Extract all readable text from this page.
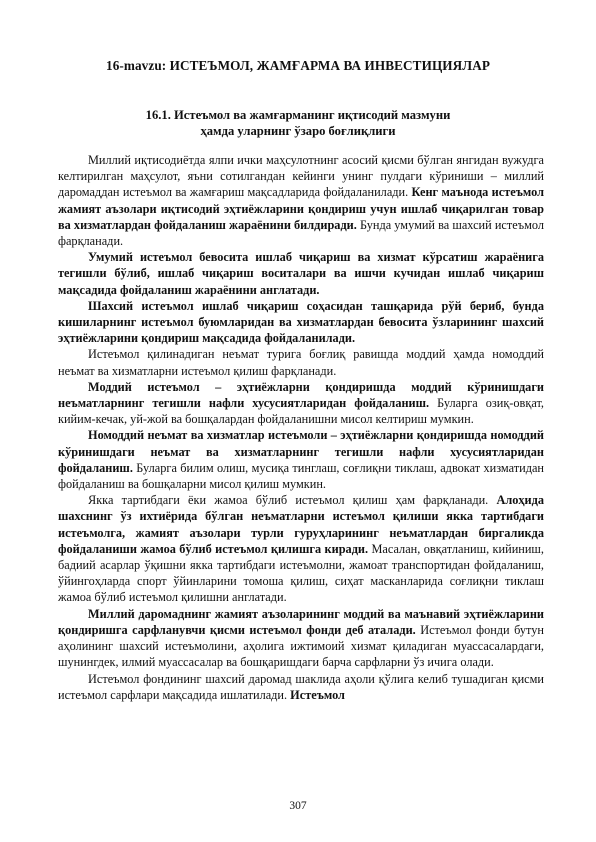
16-mavzu: ИСТЕЪМОЛ, ЖАМҒАРМА ВА ИНВЕСТИЦИЯЛАР
16.1. Истеъмол ва жамғарманинг иқтисодий мазмуни
ҳамда уларнинг ўзаро боғлиқлиги

Миллий иқтисодиётда ялпи ички маҳсулотнинг асосий қисми бўлган янгидан вужудга келтирилган маҳсулот, яъни сотилгандан кейинги унинг пулдаги кўриниши – миллий даромаддан истеъмол ва жамғариш мақсадларида фойдаланилади. Кенг маънода истеъмол жамият аъзолари иқтисодий эҳтиёжларини қондириш учун ишлаб чиқарилган товар ва хизматлардан фойдаланиш жараёнини билдиради. Бунда умумий ва шахсий истеъмол фарқланади.

Умумий истеъмол бевосита ишлаб чиқариш ва хизмат кўрсатиш жараёнига тегишли бўлиб, ишлаб чиқариш воситалари ва ишчи кучидан ишлаб чиқариш мақсадида фойдаланиш жараёнини англатади.

Шахсий истеъмол ишлаб чиқариш соҳасидан ташқарида рўй бериб, бунда кишиларнинг истеъмол буюмларидан ва хизматлардан бевосита ўзларининг шахсий эҳтиёжларини қондириш мақсадида фойдаланилади.

Истеъмол қилинадиган неъмат турига боғлиқ равишда моддий ҳамда номоддий неъмат ва хизматларни истеъмол қилиш фарқланади.

Моддий истеъмол – эҳтиёжларни қондиришда моддий кўринишдаги неъматларнинг тегишли нафли хусусиятларидан фойдаланиш. Буларга озиқ-овқат, кийим-кечак, уй-жой ва бошқалардан фойдаланишни мисол келтириш мумкин.

Номоддий неъмат ва хизматлар истеъмоли – эҳтиёжларни қондиришда номоддий кўринишдаги неъмат ва хизматларнинг тегишли нафли хусусиятларидан фойдаланиш. Буларга билим олиш, мусиқа тинглаш, соғлиқни тиклаш, адвокат хизматидан фойдаланиш ва бошқаларни мисол қилиш мумкин.

Якка тартибдаги ёки жамоа бўлиб истеъмол қилиш ҳам фарқланади. Алоҳида шахснинг ўз ихтиёрида бўлган неъматларни истеъмол қилиши якка тартибдаги истеъмолга, жамият аъзолари турли гуруҳларининг неъматлардан биргаликда фойдаланиши жамоа бўлиб истеъмол қилишга киради. Масалан, овқатланиш, кийиниш, бадиий асарлар ўқишни якка тартибдаги истеъмолни, жамоат транспортидан фойдаланиш, ўйингоҳларда спорт ўйинларини томоша қилиш, сиҳат масканларида соғлиқни тиклаш жамоа бўлиб истеъмол қилишни англатади.

Миллий даромаднинг жамият аъзоларининг моддий ва маънавий эҳтиёжларини қондиришга сарфланувчи қисми истеъмол фонди деб аталади. Истеъмол фонди бутун аҳолининг шахсий истеъмолини, аҳолига ижтимоий хизмат қиладиган муассасалардаги, шунингдек, илмий муассасалар ва бошқаришдаги барча сарфларни ўз ичига олади.

Истеъмол фондининг шахсий даромад шаклида аҳоли қўлига келиб тушадиган қисми истеъмол сарфлари мақсадида ишлатилади. Истеъмол

307
